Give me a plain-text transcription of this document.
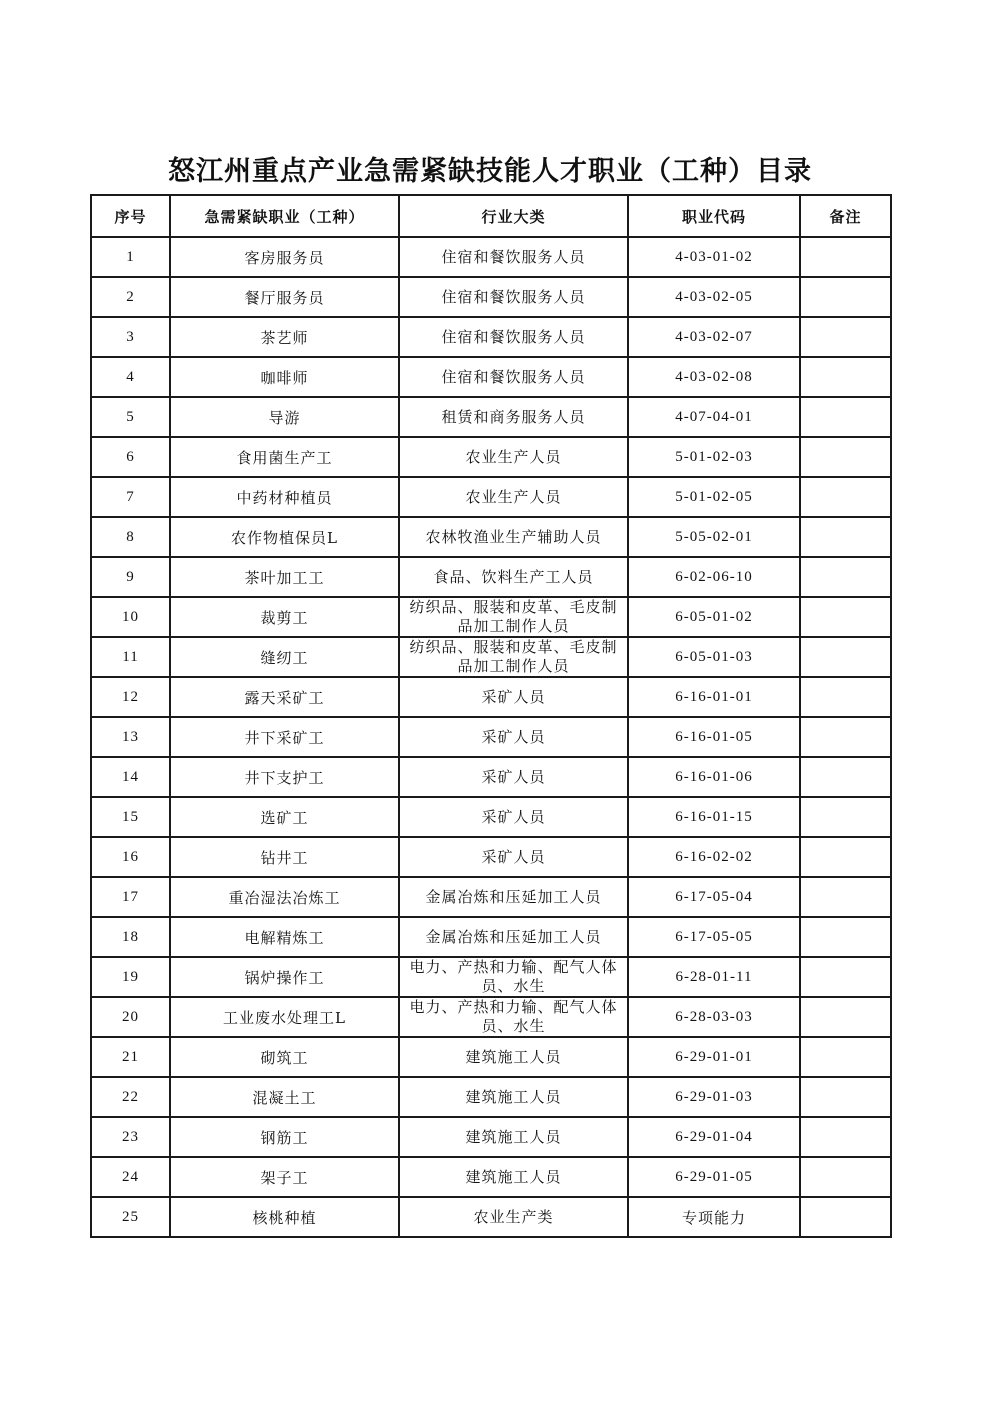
怒江州重点产业急需紧缺技能人才职业（工种）目录
序号	急需紧缺职业（工种）	行业大类	职业代码	备注
1	客房服务员	住宿和餐饮服务人员	4-03-01-02	
2	餐厅服务员	住宿和餐饮服务人员	4-03-02-05	
3	茶艺师	住宿和餐饮服务人员	4-03-02-07	
4	咖啡师	住宿和餐饮服务人员	4-03-02-08	
5	导游	租赁和商务服务人员	4-07-04-01	
6	食用菌生产工	农业生产人员	5-01-02-03	
7	中药材种植员	农业生产人员	5-01-02-05	
8	农作物植保员L	农林牧渔业生产辅助人员	5-05-02-01	
9	茶叶加工工	食品、饮料生产工人员	6-02-06-10	
10	裁剪工	纺织品、服装和皮革、毛皮制品加工制作人员	6-05-01-02	
11	缝纫工	纺织品、服装和皮革、毛皮制品加工制作人员	6-05-01-03	
12	露天采矿工	采矿人员	6-16-01-01	
13	井下采矿工	采矿人员	6-16-01-05	
14	井下支护工	采矿人员	6-16-01-06	
15	选矿工	采矿人员	6-16-01-15	
16	钻井工	采矿人员	6-16-02-02	
17	重冶湿法冶炼工	金属冶炼和压延加工人员	6-17-05-04	
18	电解精炼工	金属冶炼和压延加工人员	6-17-05-05	
19	锅炉操作工	电力、产热和力输、配气人体员、水生	6-28-01-11	
20	工业废水处理工L	电力、产热和力输、配气人体员、水生	6-28-03-03	
21	砌筑工	建筑施工人员	6-29-01-01	
22	混凝土工	建筑施工人员	6-29-01-03	
23	钢筋工	建筑施工人员	6-29-01-04	
24	架子工	建筑施工人员	6-29-01-05	
25	核桃种植	农业生产类	专项能力	
